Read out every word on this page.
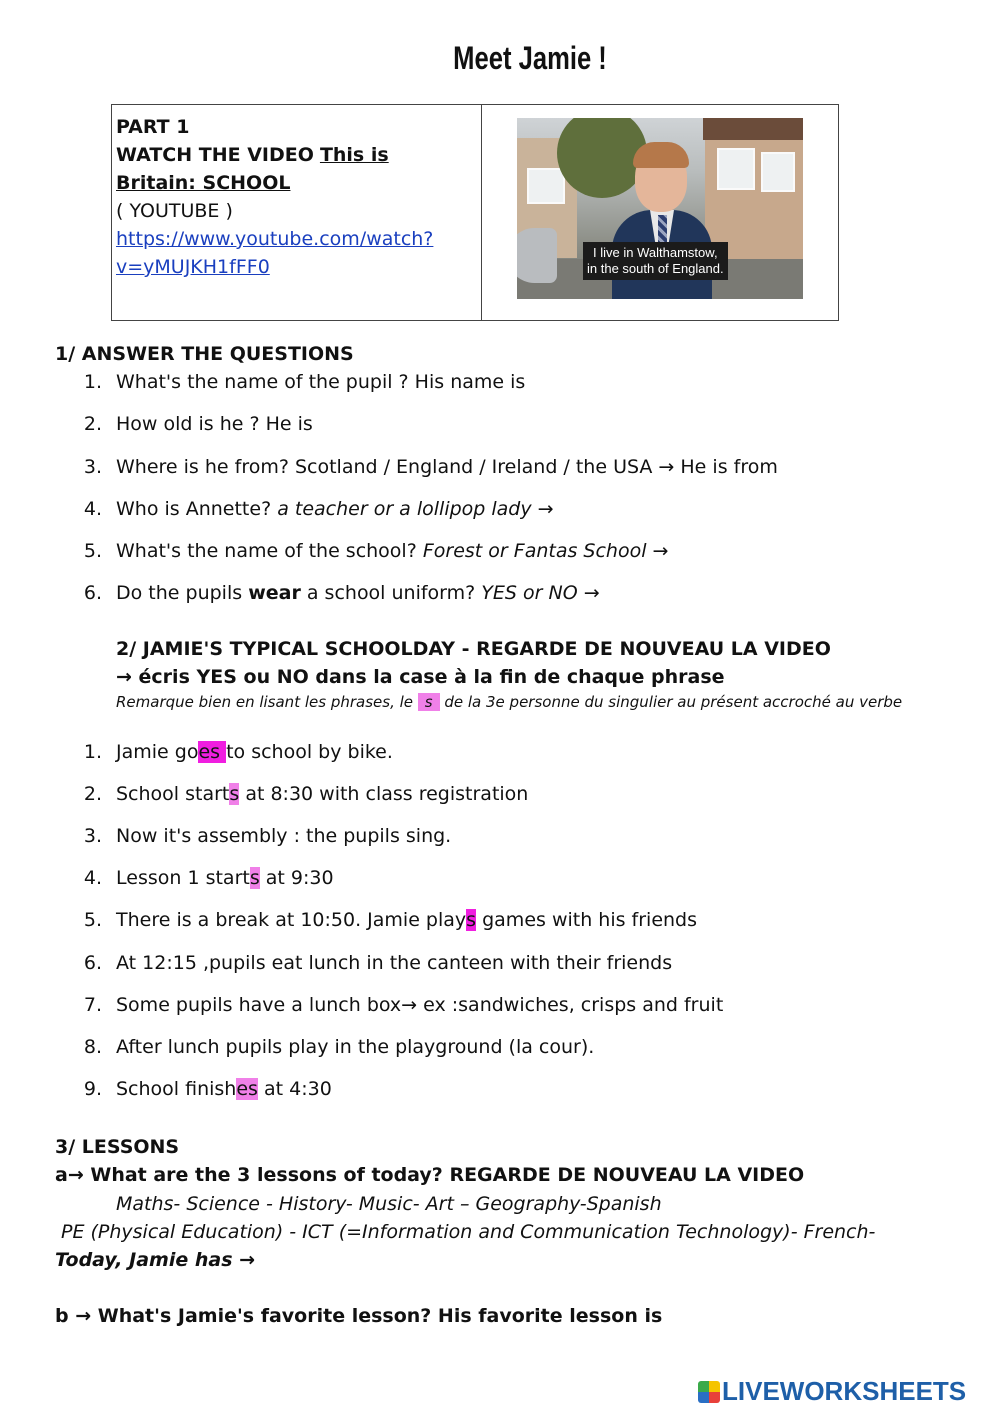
Meet Jamie !
PART 1
WATCH THE VIDEO This is
Britain: SCHOOL
( YOUTUBE )
https://www.youtube.com/watch?
v=yMUJKH1fFF0
I live in Walthamstow,
in the south of England.
1/ ANSWER THE QUESTIONS
1. What's the name of the pupil ? His name is
2. How old is he ? He is
3. Where is he from? Scotland / England / Ireland / the USA → He is from
4. Who is Annette? a teacher or a lollipop lady →
5. What's the name of the school? Forest or Fantas School →
6. Do the pupils wear a school uniform? YES or NO →
2/ JAMIE'S TYPICAL SCHOOLDAY - REGARDE DE NOUVEAU LA VIDEO
→ écris YES ou NO dans la case à la fin de chaque phrase
Remarque bien en lisant les phrases, le s de la 3e personne du singulier au présent accroché au verbe
1. Jamie goes to school by bike.
2. School starts at 8:30 with class registration
3. Now it's assembly : the pupils sing.
4. Lesson 1 starts at 9:30
5. There is a break at 10:50. Jamie plays games with his friends
6. At 12:15 ,pupils eat lunch in the canteen with their friends
7. Some pupils have a lunch box→ ex :sandwiches, crisps and fruit
8. After lunch pupils play in the playground (la cour).
9. School finishes at 4:30
3/ LESSONS
a→ What are the 3 lessons of today? REGARDE DE NOUVEAU LA VIDEO
Maths- Science - History- Music- Art – Geography-Spanish
PE (Physical Education) - ICT (=Information and Communication Technology)- French-
Today, Jamie has →
b → What's Jamie's favorite lesson? His favorite lesson is
LIVEWORKSHEETS
